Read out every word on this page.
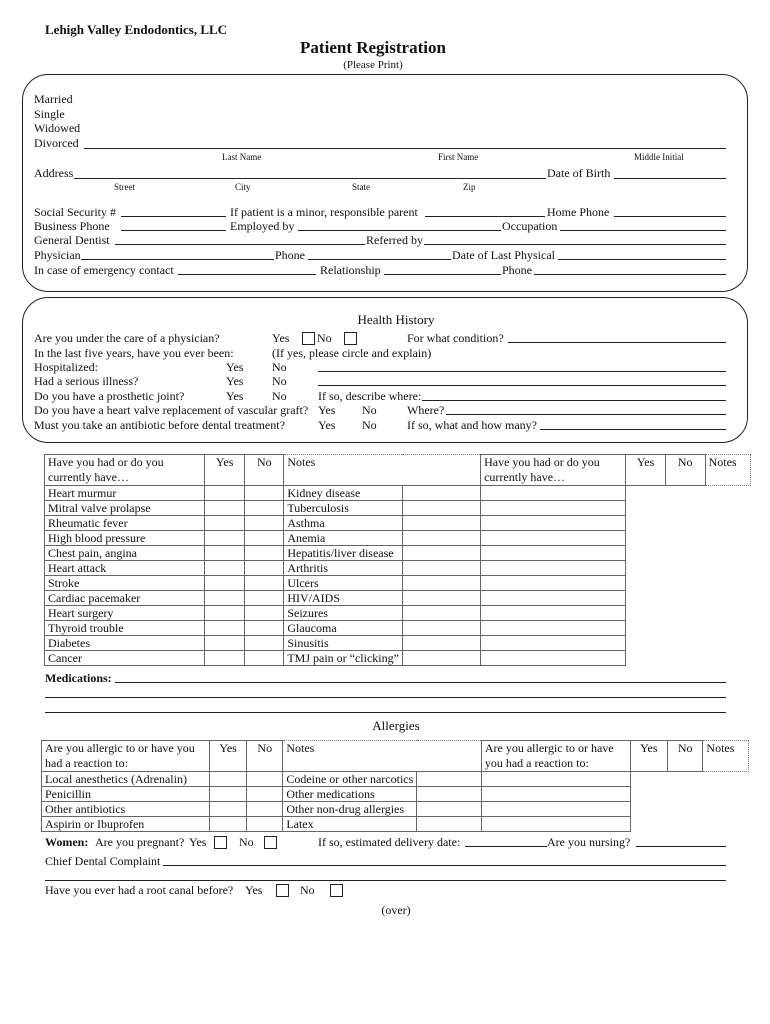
Lehigh Valley Endodontics, LLC
Patient Registration
(Please Print)
Married
Single
Widowed
Divorced
Last Name	First Name	Middle Initial
Address	Date of Birth
Street	City	State	Zip
Social Security #	If patient is a minor, responsible parent	Home Phone
Business Phone	Employed by	Occupation
General Dentist	Referred by
Physician	Phone	Date of Last Physical
In case of emergency contact	Relationship	Phone
Health History
Are you under the care of a physician?	Yes No	For what condition?
In the last five years, have you ever been:	(If yes, please circle and explain)
Hospitalized:	Yes No
Had a serious illness?	Yes No
Do you have a prosthetic joint?	Yes No	If so, describe where:
Do you have a heart valve replacement of vascular graft? Yes No	Where?
Must you take an antibiotic before dental treatment?	Yes No	If so, what and how many?
Have you had or do you
currently have…	Yes	No	Notes		Have you had or do you
currently have…	Yes	No	Notes

Heart murmur			Kidney disease					
Mitral valve prolapse			Tuberculosis					
Rheumatic fever			Asthma					
High blood pressure			Anemia					
Chest pain, angina			Hepatitis/liver disease					
Heart attack			Arthritis					
Stroke			Ulcers					
Cardiac pacemaker			HIV/AIDS					
Heart surgery			Seizures					
Thyroid trouble			Glaucoma					
Diabetes			Sinusitis					
Cancer			TMJ pain or “clicking”					
Medications:
Allergies
Are you allergic to or have you
had a reaction to:	Yes	No	Notes		Are you allergic to or have
you had a reaction to:	Yes	No	Notes

Local anesthetics (Adrenalin)			Codeine or other narcotics					
Penicillin			Other medications					
Other antibiotics			Other non-drug allergies					
Aspirin or Ibuprofen			Latex					
Women: Are you pregnant? Yes	No	If so, estimated delivery date:	Are you nursing?
Chief Dental Complaint
Have you ever had a root canal before? Yes	No
(over)
